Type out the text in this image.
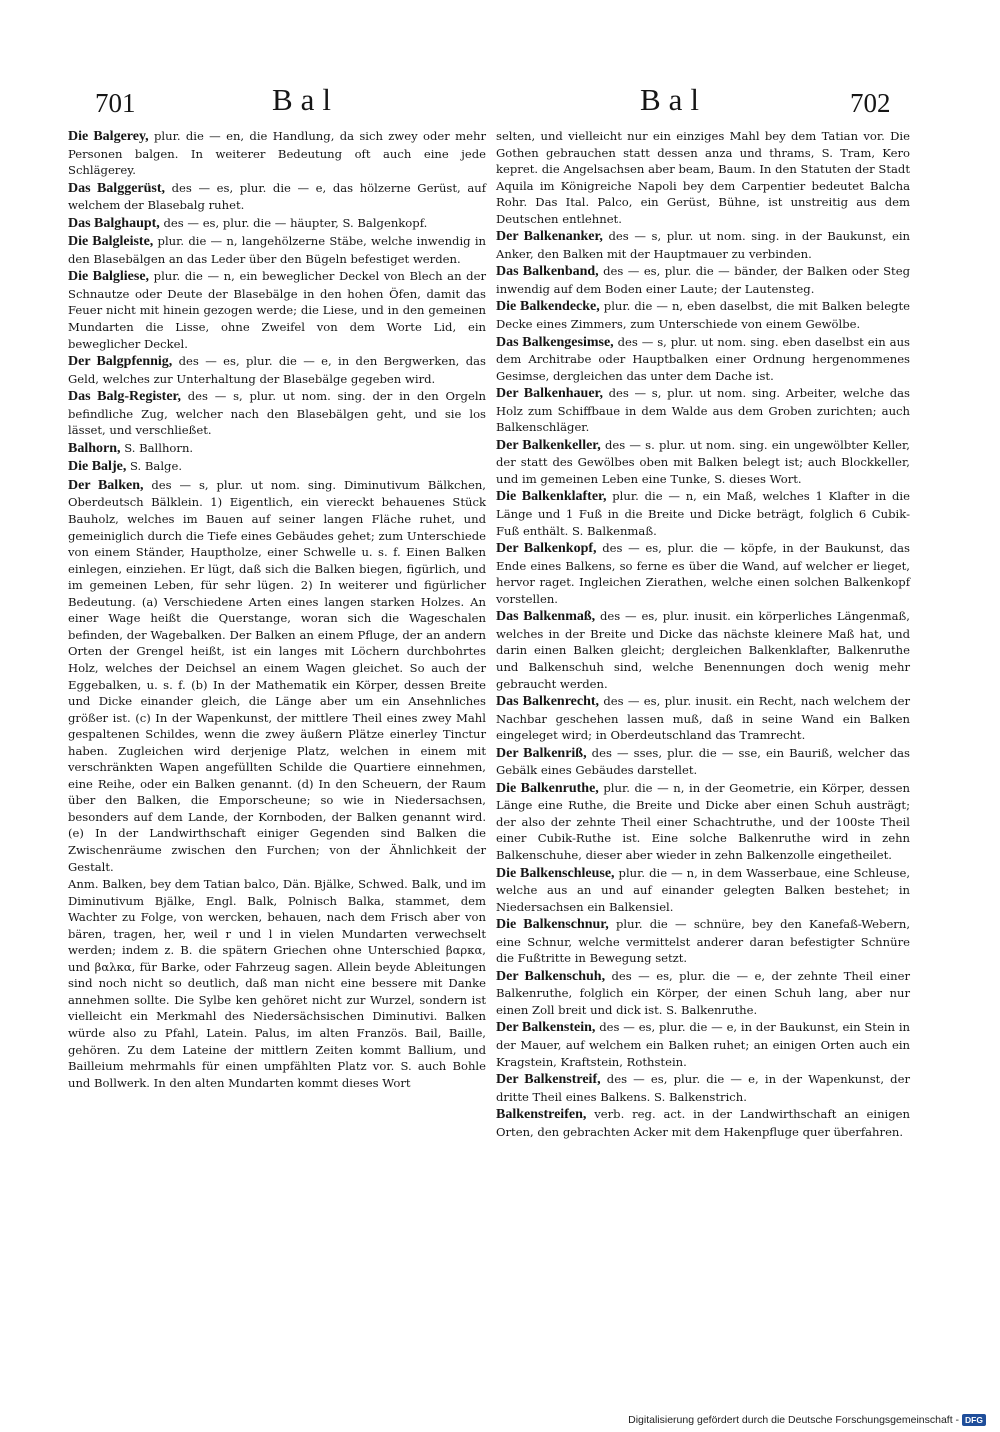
701	Bal	Bal	702

Die Balgerey, plur. die — en, die Handlung, da sich zwey oder mehr Personen balgen. In weiterer Bedeutung oft auch eine jede Schlägerey.

Das Balggerüst, des — es, plur. die — e, das hölzerne Gerüst, auf welchem der Blasebalg ruhet.

Das Balghaupt, des — es, plur. die — häupter, S. Balgenkopf.

Die Balgleiste, plur. die — n, langehölzerne Stäbe, welche inwendig in den Blasebälgen an das Leder über den Bügeln befestiget werden.

Die Balgliese, plur. die — n, ein beweglicher Deckel von Blech an der Schnautze oder Deute der Blasebälge in den hohen Öfen, damit das Feuer nicht mit hinein gezogen werde; die Liese, und in den gemeinen Mundarten die Lisse, ohne Zweifel von dem Worte Lid, ein beweglicher Deckel.

Der Balgpfennig, des — es, plur. die — e, in den Bergwerken, das Geld, welches zur Unterhaltung der Blasebälge gegeben wird.

Das Balg-Register, des — s, plur. ut nom. sing. der in den Orgeln befindliche Zug, welcher nach den Blasebälgen geht, und sie los lässet, und verschließet.

Balhorn, S. Ballhorn.

Die Balje, S. Balge.

Der Balken, des — s, plur. ut nom. sing. Diminutivum Bälkchen, Oberdeutsch Bälklein. 1) Eigentlich, ein viereckt behauenes Stück Bauholz, welches im Bauen auf seiner langen Fläche ruhet, und gemeiniglich durch die Tiefe eines Gebäudes gehet; zum Unterschiede von einem Ständer, Hauptholze, einer Schwelle u. s. f. Einen Balken einlegen, einziehen. Er lügt, daß sich die Balken biegen, figürlich, und im gemeinen Leben, für sehr lügen. 2) In weiterer und figürlicher Bedeutung. (a) Verschiedene Arten eines langen starken Holzes. An einer Wage heißt die Querstange, woran sich die Wageschalen befinden, der Wagebalken. Der Balken an einem Pfluge, der an andern Orten der Grengel heißt, ist ein langes mit Löchern durchbohrtes Holz, welches der Deichsel an einem Wagen gleichet. So auch der Eggebalken, u. s. f. (b) In der Mathematik ein Körper, dessen Breite und Dicke einander gleich, die Länge aber um ein Ansehnliches größer ist. (c) In der Wapenkunst, der mittlere Theil eines zwey Mahl gespaltenen Schildes, wenn die zwey äußern Plätze einerley Tinctur haben. Zugleichen wird derjenige Platz, welchen in einem mit verschränkten Wapen angefüllten Schilde die Quartiere einnehmen, eine Reihe, oder ein Balken genannt. (d) In den Scheuern, der Raum über den Balken, die Emporscheune; so wie in Niedersachsen, besonders auf dem Lande, der Kornboden, der Balken genannt wird. (e) In der Landwirthschaft einiger Gegenden sind Balken die Zwischenräume zwischen den Furchen; von der Ähnlichkeit der Gestalt.

Anm. Balken, bey dem Tatian balco, Dän. Bjälke, Schwed. Balk, und im Diminutivum Bjälke, Engl. Balk, Polnisch Balka, stammet, dem Wachter zu Folge, von wercken, behauen, nach dem Frisch aber von bären, tragen, her, weil r und l in vielen Mundarten verwechselt werden; indem z. B. die spätern Griechen ohne Unterschied βαρκα, und βαλκα, für Barke, oder Fahrzeug sagen. Allein beyde Ableitungen sind noch nicht so deutlich, daß man nicht eine bessere mit Danke annehmen sollte. Die Sylbe ken gehöret nicht zur Wurzel, sondern ist vielleicht ein Merkmahl des Niedersächsischen Diminutivi. Balken würde also zu Pfahl, Latein. Palus, im alten Französ. Bail, Baille, gehören. Zu dem Lateine der mittlern Zeiten kommt Ballium, und Bailleium mehrmahls für einen umpfählten Platz vor. S. auch Bohle und Bollwerk. In den alten Mundarten kommt dieses Wort

selten, und vielleicht nur ein einziges Mahl bey dem Tatian vor. Die Gothen gebrauchen statt dessen anza und thrams, S. Tram, Kero kepret. die Angelsachsen aber beam, Baum. In den Statuten der Stadt Aquila im Königreiche Napoli bey dem Carpentier bedeutet Balcha Rohr. Das Ital. Palco, ein Gerüst, Bühne, ist unstreitig aus dem Deutschen entlehnet.

Der Balkenanker, des — s, plur. ut nom. sing. in der Baukunst, ein Anker, den Balken mit der Hauptmauer zu verbinden.

Das Balkenband, des — es, plur. die — bänder, der Balken oder Steg inwendig auf dem Boden einer Laute; der Lautensteg.

Die Balkendecke, plur. die — n, eben daselbst, die mit Balken belegte Decke eines Zimmers, zum Unterschiede von einem Gewölbe.

Das Balkengesimse, des — s, plur. ut nom. sing. eben daselbst ein aus dem Architrabe oder Hauptbalken einer Ordnung hergenommenes Gesimse, dergleichen das unter dem Dache ist.

Der Balkenhauer, des — s, plur. ut nom. sing. Arbeiter, welche das Holz zum Schiffbaue in dem Walde aus dem Groben zurichten; auch Balkenschläger.

Der Balkenkeller, des — s. plur. ut nom. sing. ein ungewölbter Keller, der statt des Gewölbes oben mit Balken belegt ist; auch Blockkeller, und im gemeinen Leben eine Tunke, S. dieses Wort.

Die Balkenklafter, plur. die — n, ein Maß, welches 1 Klafter in die Länge und 1 Fuß in die Breite und Dicke beträgt, folglich 6 Cubik-Fuß enthält. S. Balkenmaß.

Der Balkenkopf, des — es, plur. die — köpfe, in der Baukunst, das Ende eines Balkens, so ferne es über die Wand, auf welcher er lieget, hervor raget. Ingleichen Zierathen, welche einen solchen Balkenkopf vorstellen.

Das Balkenmaß, des — es, plur. inusit. ein körperliches Längenmaß, welches in der Breite und Dicke das nächste kleinere Maß hat, und darin einen Balken gleicht; dergleichen Balkenklafter, Balkenruthe und Balkenschuh sind, welche Benennungen doch wenig mehr gebraucht werden.

Das Balkenrecht, des — es, plur. inusit. ein Recht, nach welchem der Nachbar geschehen lassen muß, daß in seine Wand ein Balken eingeleget wird; in Oberdeutschland das Tramrecht.

Der Balkenriß, des — sses, plur. die — sse, ein Bauriß, welcher das Gebälk eines Gebäudes darstellet.

Die Balkenruthe, plur. die — n, in der Geometrie, ein Körper, dessen Länge eine Ruthe, die Breite und Dicke aber einen Schuh austrägt; der also der zehnte Theil einer Schachtruthe, und der 100ste Theil einer Cubik-Ruthe ist. Eine solche Balkenruthe wird in zehn Balkenschuhe, dieser aber wieder in zehn Balkenzolle eingetheilet.

Die Balkenschleuse, plur. die — n, in dem Wasserbaue, eine Schleuse, welche aus an und auf einander gelegten Balken bestehet; in Niedersachsen ein Balkensiel.

Die Balkenschnur, plur. die — schnüre, bey den Kanefaß-Webern, eine Schnur, welche vermittelst anderer daran befestigter Schnüre die Fußtritte in Bewegung setzt.

Der Balkenschuh, des — es, plur. die — e, der zehnte Theil einer Balkenruthe, folglich ein Körper, der einen Schuh lang, aber nur einen Zoll breit und dick ist. S. Balkenruthe.

Der Balkenstein, des — es, plur. die — e, in der Baukunst, ein Stein in der Mauer, auf welchem ein Balken ruhet; an einigen Orten auch ein Kragstein, Kraftstein, Rothstein.

Der Balkenstreif, des — es, plur. die — e, in der Wapenkunst, der dritte Theil eines Balkens. S. Balkenstrich.

Balkenstreifen, verb. reg. act. in der Landwirthschaft an einigen Orten, den gebrachten Acker mit dem Hakenpfluge quer überfahren.

Digitalisierung gefördert durch die Deutsche Forschungsgemeinschaft - DFG
